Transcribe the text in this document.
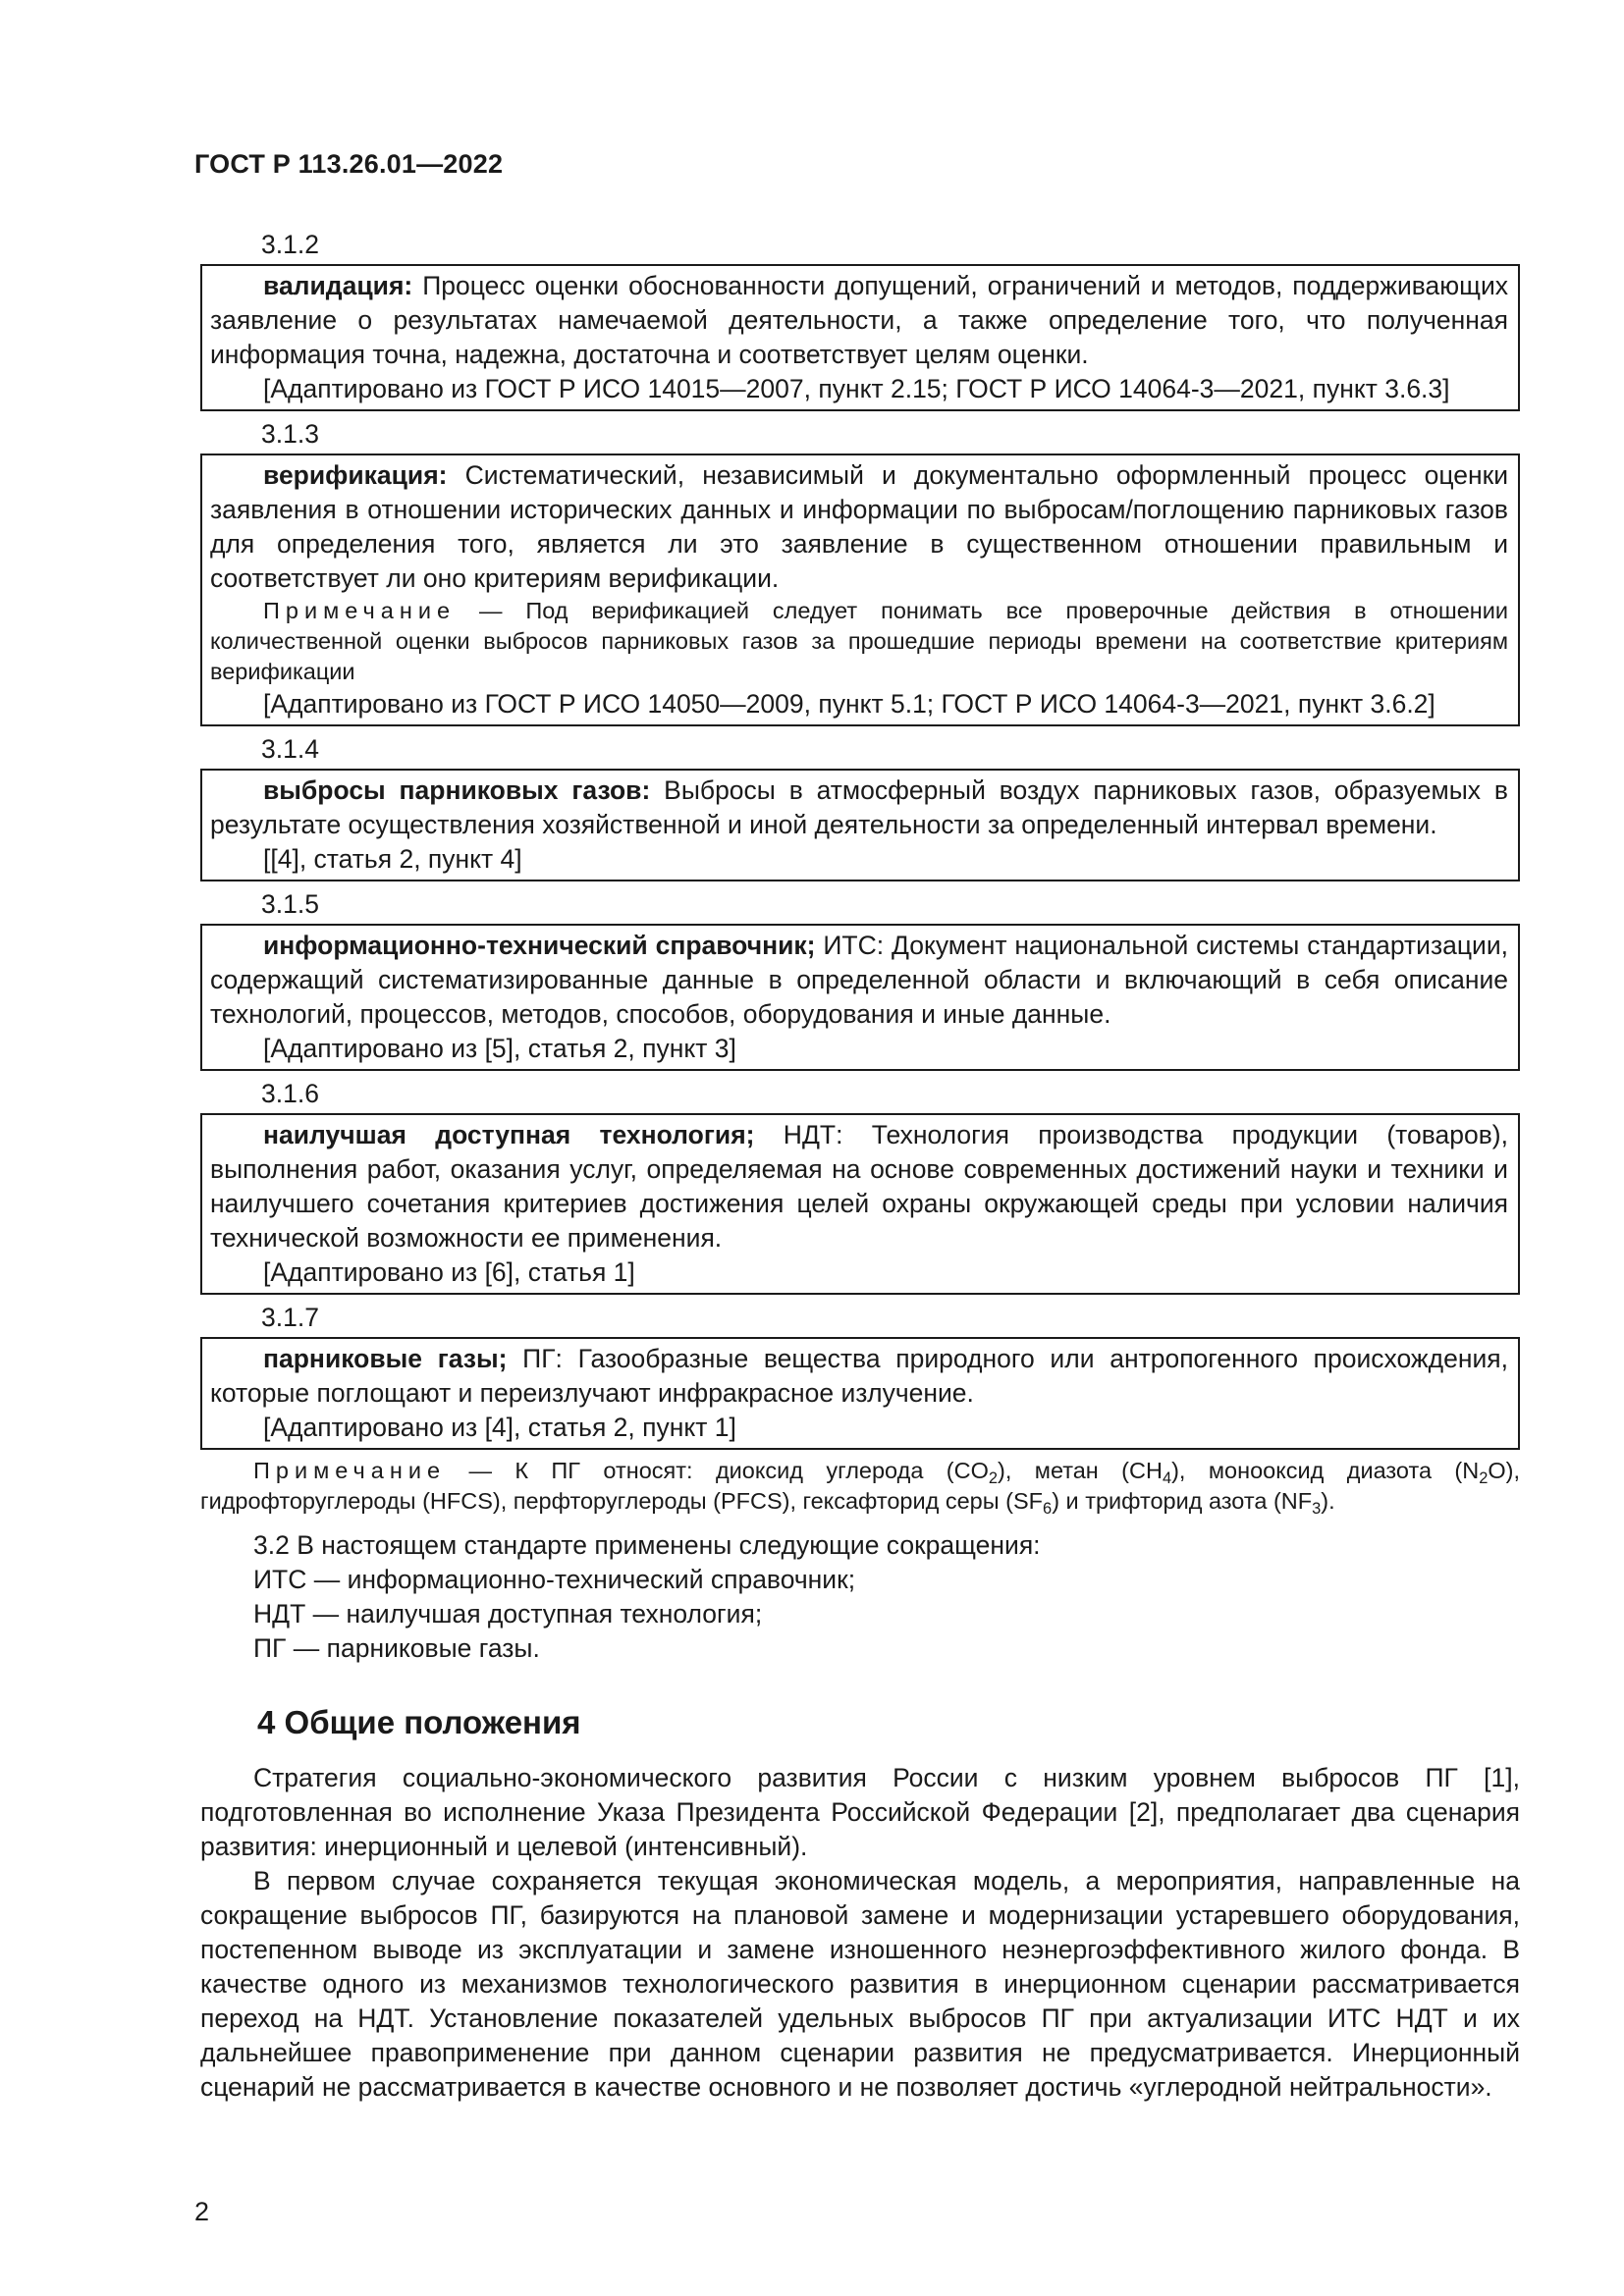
ГОСТ Р 113.26.01—2022
3.1.2

валидация: Процесс оценки обоснованности допущений, ограничений и методов, поддерживающих заявление о результатах намечаемой деятельности, а также определение того, что полученная информация точна, надежна, достаточна и соответствует целям оценки.

[Адаптировано из ГОСТ Р ИСО 14015—2007, пункт 2.15; ГОСТ Р ИСО 14064-3—2021, пункт 3.6.3]

3.1.3

верификация: Систематический, независимый и документально оформленный процесс оценки заявления в отношении исторических данных и информации по выбросам/поглощению парниковых газов для определения того, является ли это заявление в существенном отношении правильным и соответствует ли оно критериям верификации.

Примечание — Под верификацией следует понимать все проверочные действия в отношении количественной оценки выбросов парниковых газов за прошедшие периоды времени на соответствие критериям верификации

[Адаптировано из ГОСТ Р ИСО 14050—2009, пункт 5.1; ГОСТ Р ИСО 14064-3—2021, пункт 3.6.2]

3.1.4

выбросы парниковых газов: Выбросы в атмосферный воздух парниковых газов, образуемых в результате осуществления хозяйственной и иной деятельности за определенный интервал времени.

[[4], статья 2, пункт 4]

3.1.5

информационно-технический справочник; ИТС: Документ национальной системы стандартизации, содержащий систематизированные данные в определенной области и включающий в себя описание технологий, процессов, методов, способов, оборудования и иные данные.

[Адаптировано из [5], статья 2, пункт 3]

3.1.6

наилучшая доступная технология; НДТ: Технология производства продукции (товаров), выполнения работ, оказания услуг, определяемая на основе современных достижений науки и техники и наилучшего сочетания критериев достижения целей охраны окружающей среды при условии наличия технической возможности ее применения.

[Адаптировано из [6], статья 1]

3.1.7

парниковые газы; ПГ: Газообразные вещества природного или антропогенного происхождения, которые поглощают и переизлучают инфракрасное излучение.

[Адаптировано из [4], статья 2, пункт 1]

Примечание — К ПГ относят: диоксид углерода $(CO_2)$, метан $(CH_4)$, монооксид диазота $(N_2O)$, гидрофторуглероды (HFCS), перфторуглероды (PFCS), гексафторид серы $(SF_6)$ и трифторид азота $(NF_3)$.

3.2 В настоящем стандарте применены следующие сокращения:

ИТС — информационно-технический справочник;

НДТ — наилучшая доступная технология;

ПГ — парниковые газы.

4 Общие положения

Стратегия социально-экономического развития России с низким уровнем выбросов ПГ [1], подготовленная во исполнение Указа Президента Российской Федерации [2], предполагает два сценария развития: инерционный и целевой (интенсивный).

В первом случае сохраняется текущая экономическая модель, а мероприятия, направленные на сокращение выбросов ПГ, базируются на плановой замене и модернизации устаревшего оборудования, постепенном выводе из эксплуатации и замене изношенного неэнергоэффективного жилого фонда. В качестве одного из механизмов технологического развития в инерционном сценарии рассматривается переход на НДТ. Установление показателей удельных выбросов ПГ при актуализации ИТС НДТ и их дальнейшее правоприменение при данном сценарии развития не предусматривается. Инерционный сценарий не рассматривается в качестве основного и не позволяет достичь «углеродной нейтральности».

2
